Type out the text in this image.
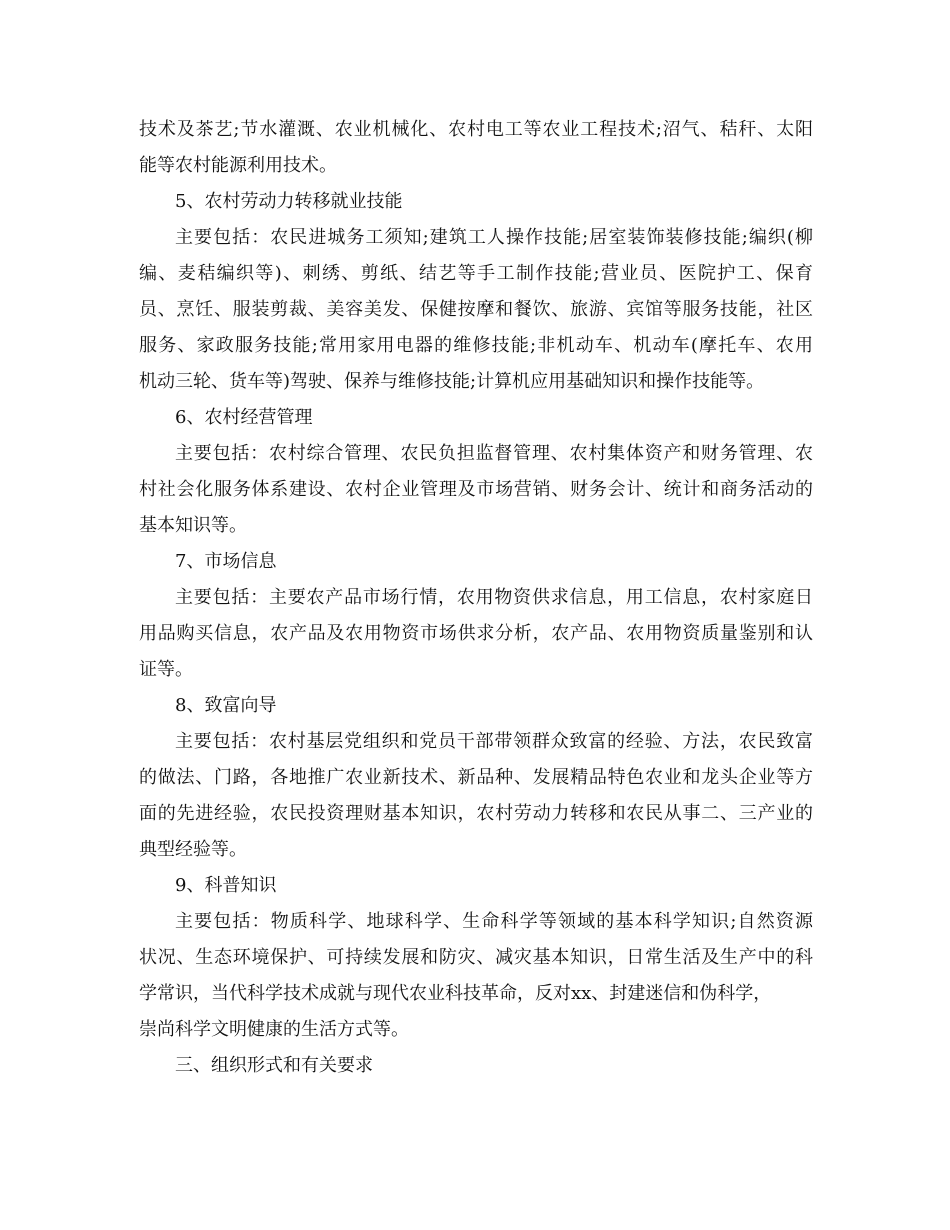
技术及茶艺;节水灌溉、农业机械化、农村电工等农业工程技术;沼气、秸秆、太阳
能等农村能源利用技术。
5、农村劳动力转移就业技能
主要包括：农民进城务工须知;建筑工人操作技能;居室装饰装修技能;编织(柳
编、麦秸编织等)、刺绣、剪纸、结艺等手工制作技能;营业员、医院护工、保育
员、烹饪、服装剪裁、美容美发、保健按摩和餐饮、旅游、宾馆等服务技能，社区
服务、家政服务技能;常用家用电器的维修技能;非机动车、机动车(摩托车、农用
机动三轮、货车等)驾驶、保养与维修技能;计算机应用基础知识和操作技能等。
6、农村经营管理
主要包括：农村综合管理、农民负担监督管理、农村集体资产和财务管理、农
村社会化服务体系建设、农村企业管理及市场营销、财务会计、统计和商务活动的
基本知识等。
7、市场信息
主要包括：主要农产品市场行情，农用物资供求信息，用工信息，农村家庭日
用品购买信息，农产品及农用物资市场供求分析，农产品、农用物资质量鉴别和认
证等。
8、致富向导
主要包括：农村基层党组织和党员干部带领群众致富的经验、方法，农民致富
的做法、门路，各地推广农业新技术、新品种、发展精品特色农业和龙头企业等方
面的先进经验，农民投资理财基本知识，农村劳动力转移和农民从事二、三产业的
典型经验等。
9、科普知识
主要包括：物质科学、地球科学、生命科学等领域的基本科学知识;自然资源
状况、生态环境保护、可持续发展和防灾、减灾基本知识，日常生活及生产中的科
学常识，当代科学技术成就与现代农业科技革命，反对xx、封建迷信和伪科学，
崇尚科学文明健康的生活方式等。
三、组织形式和有关要求
